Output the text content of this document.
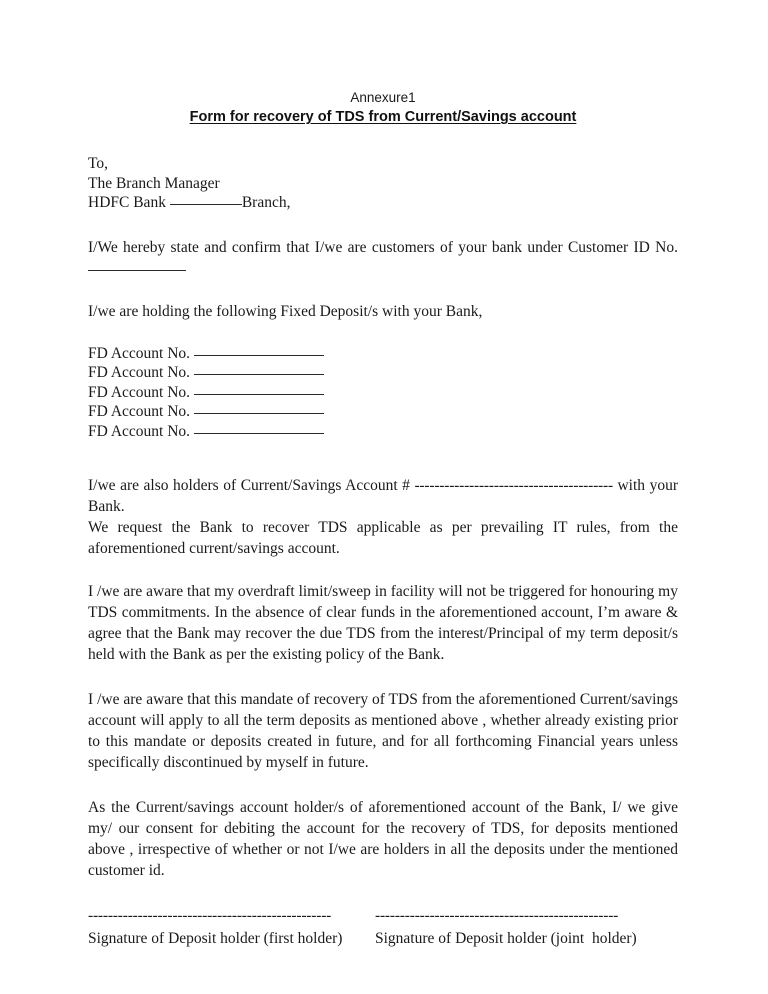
Annexure1
Form for recovery of TDS from Current/Savings account
To,
The Branch Manager
HDFC Bank	Branch,
I/We hereby state and confirm that I/we are customers of your bank under Customer ID No.
I/we are holding the following Fixed Deposit/s with your Bank,
FD Account No.
FD Account No.
FD Account No.
FD Account No.
FD Account No.
I/we are also holders of Current/Savings Account # ---------------------------------------- with your Bank.
We request the Bank to recover TDS applicable as per prevailing IT rules, from the aforementioned current/savings account.
I /we are aware that my overdraft limit/sweep in facility will not be triggered for honouring my TDS commitments. In the absence of clear funds in the aforementioned account, I’m aware & agree that the Bank may recover the due TDS from the interest/Principal of my term deposit/s held with the Bank as per the existing policy of the Bank.
I /we are aware that this mandate of recovery of TDS from the aforementioned Current/savings account will apply to all the term deposits as mentioned above , whether already existing prior to this mandate or deposits created in future, and for all forthcoming Financial years unless specifically discontinued by myself in future.
As the Current/savings account holder/s of aforementioned account of the Bank, I/ we give my/ our consent for debiting the account for the recovery of TDS, for deposits mentioned above , irrespective of whether or not I/we are holders in all the deposits under the mentioned customer id.
-------------------------------------------------
Signature of Deposit holder (first holder)
-------------------------------------------------
Signature of Deposit holder (joint  holder)
